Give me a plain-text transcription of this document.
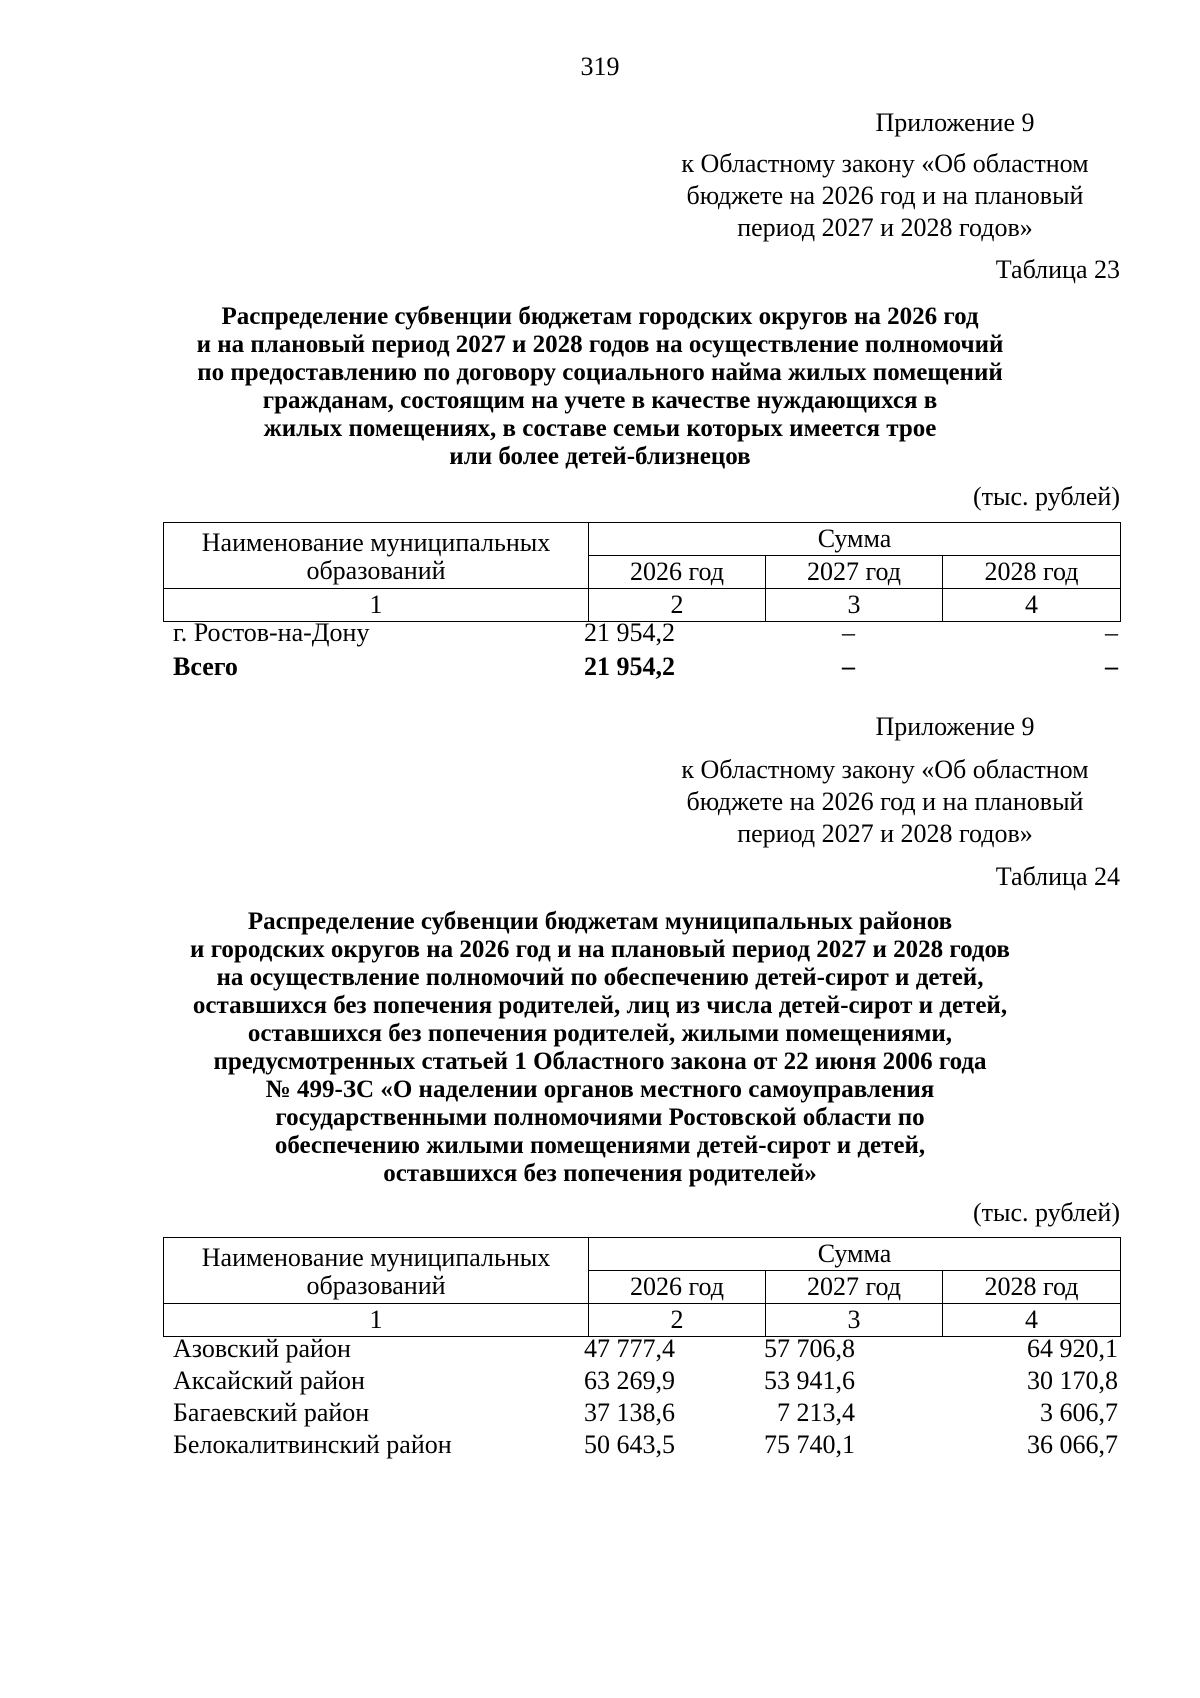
319
Приложение 9
к Областному закону «Об областном
бюджете на 2026 год и на плановый
период 2027 и 2028 годов»
Таблица 23
Распределение субвенции бюджетам городских округов на 2026 год
и на плановый период 2027 и 2028 годов на осуществление полномочий
по предоставлению по договору социального найма жилых помещений
гражданам, состоящим на учете в качестве нуждающихся в
жилых помещениях, в составе семьи которых имеется трое
или более детей-близнецов
(тыс. рублей)
Наименование муниципальных образований	Сумма		
	2026 год	2027 год	2028 год
1	2	3	4
г. Ростов-на-Дону	21 954,2	–	–
Всего	21 954,2	–	–
Приложение 9
к Областному закону «Об областном
бюджете на 2026 год и на плановый
период 2027 и 2028 годов»
Таблица 24
Распределение субвенции бюджетам муниципальных районов
и городских округов на 2026 год и на плановый период 2027 и 2028 годов
на осуществление полномочий по обеспечению детей-сирот и детей,
оставшихся без попечения родителей, лиц из числа детей-сирот и детей,
оставшихся без попечения родителей, жилыми помещениями,
предусмотренных статьей 1 Областного закона от 22 июня 2006 года
№ 499-ЗС «О наделении органов местного самоуправления
государственными полномочиями Ростовской области по
обеспечению жилыми помещениями детей-сирот и детей,
оставшихся без попечения родителей»
(тыс. рублей)
Наименование муниципальных образований	Сумма		
	2026 год	2027 год	2028 год
1	2	3	4
Азовский район	47 777,4	57 706,8	64 920,1
Аксайский район	63 269,9	53 941,6	30 170,8
Багаевский район	37 138,6	7 213,4	3 606,7
Белокалитвинский район	50 643,5	75 740,1	36 066,7
